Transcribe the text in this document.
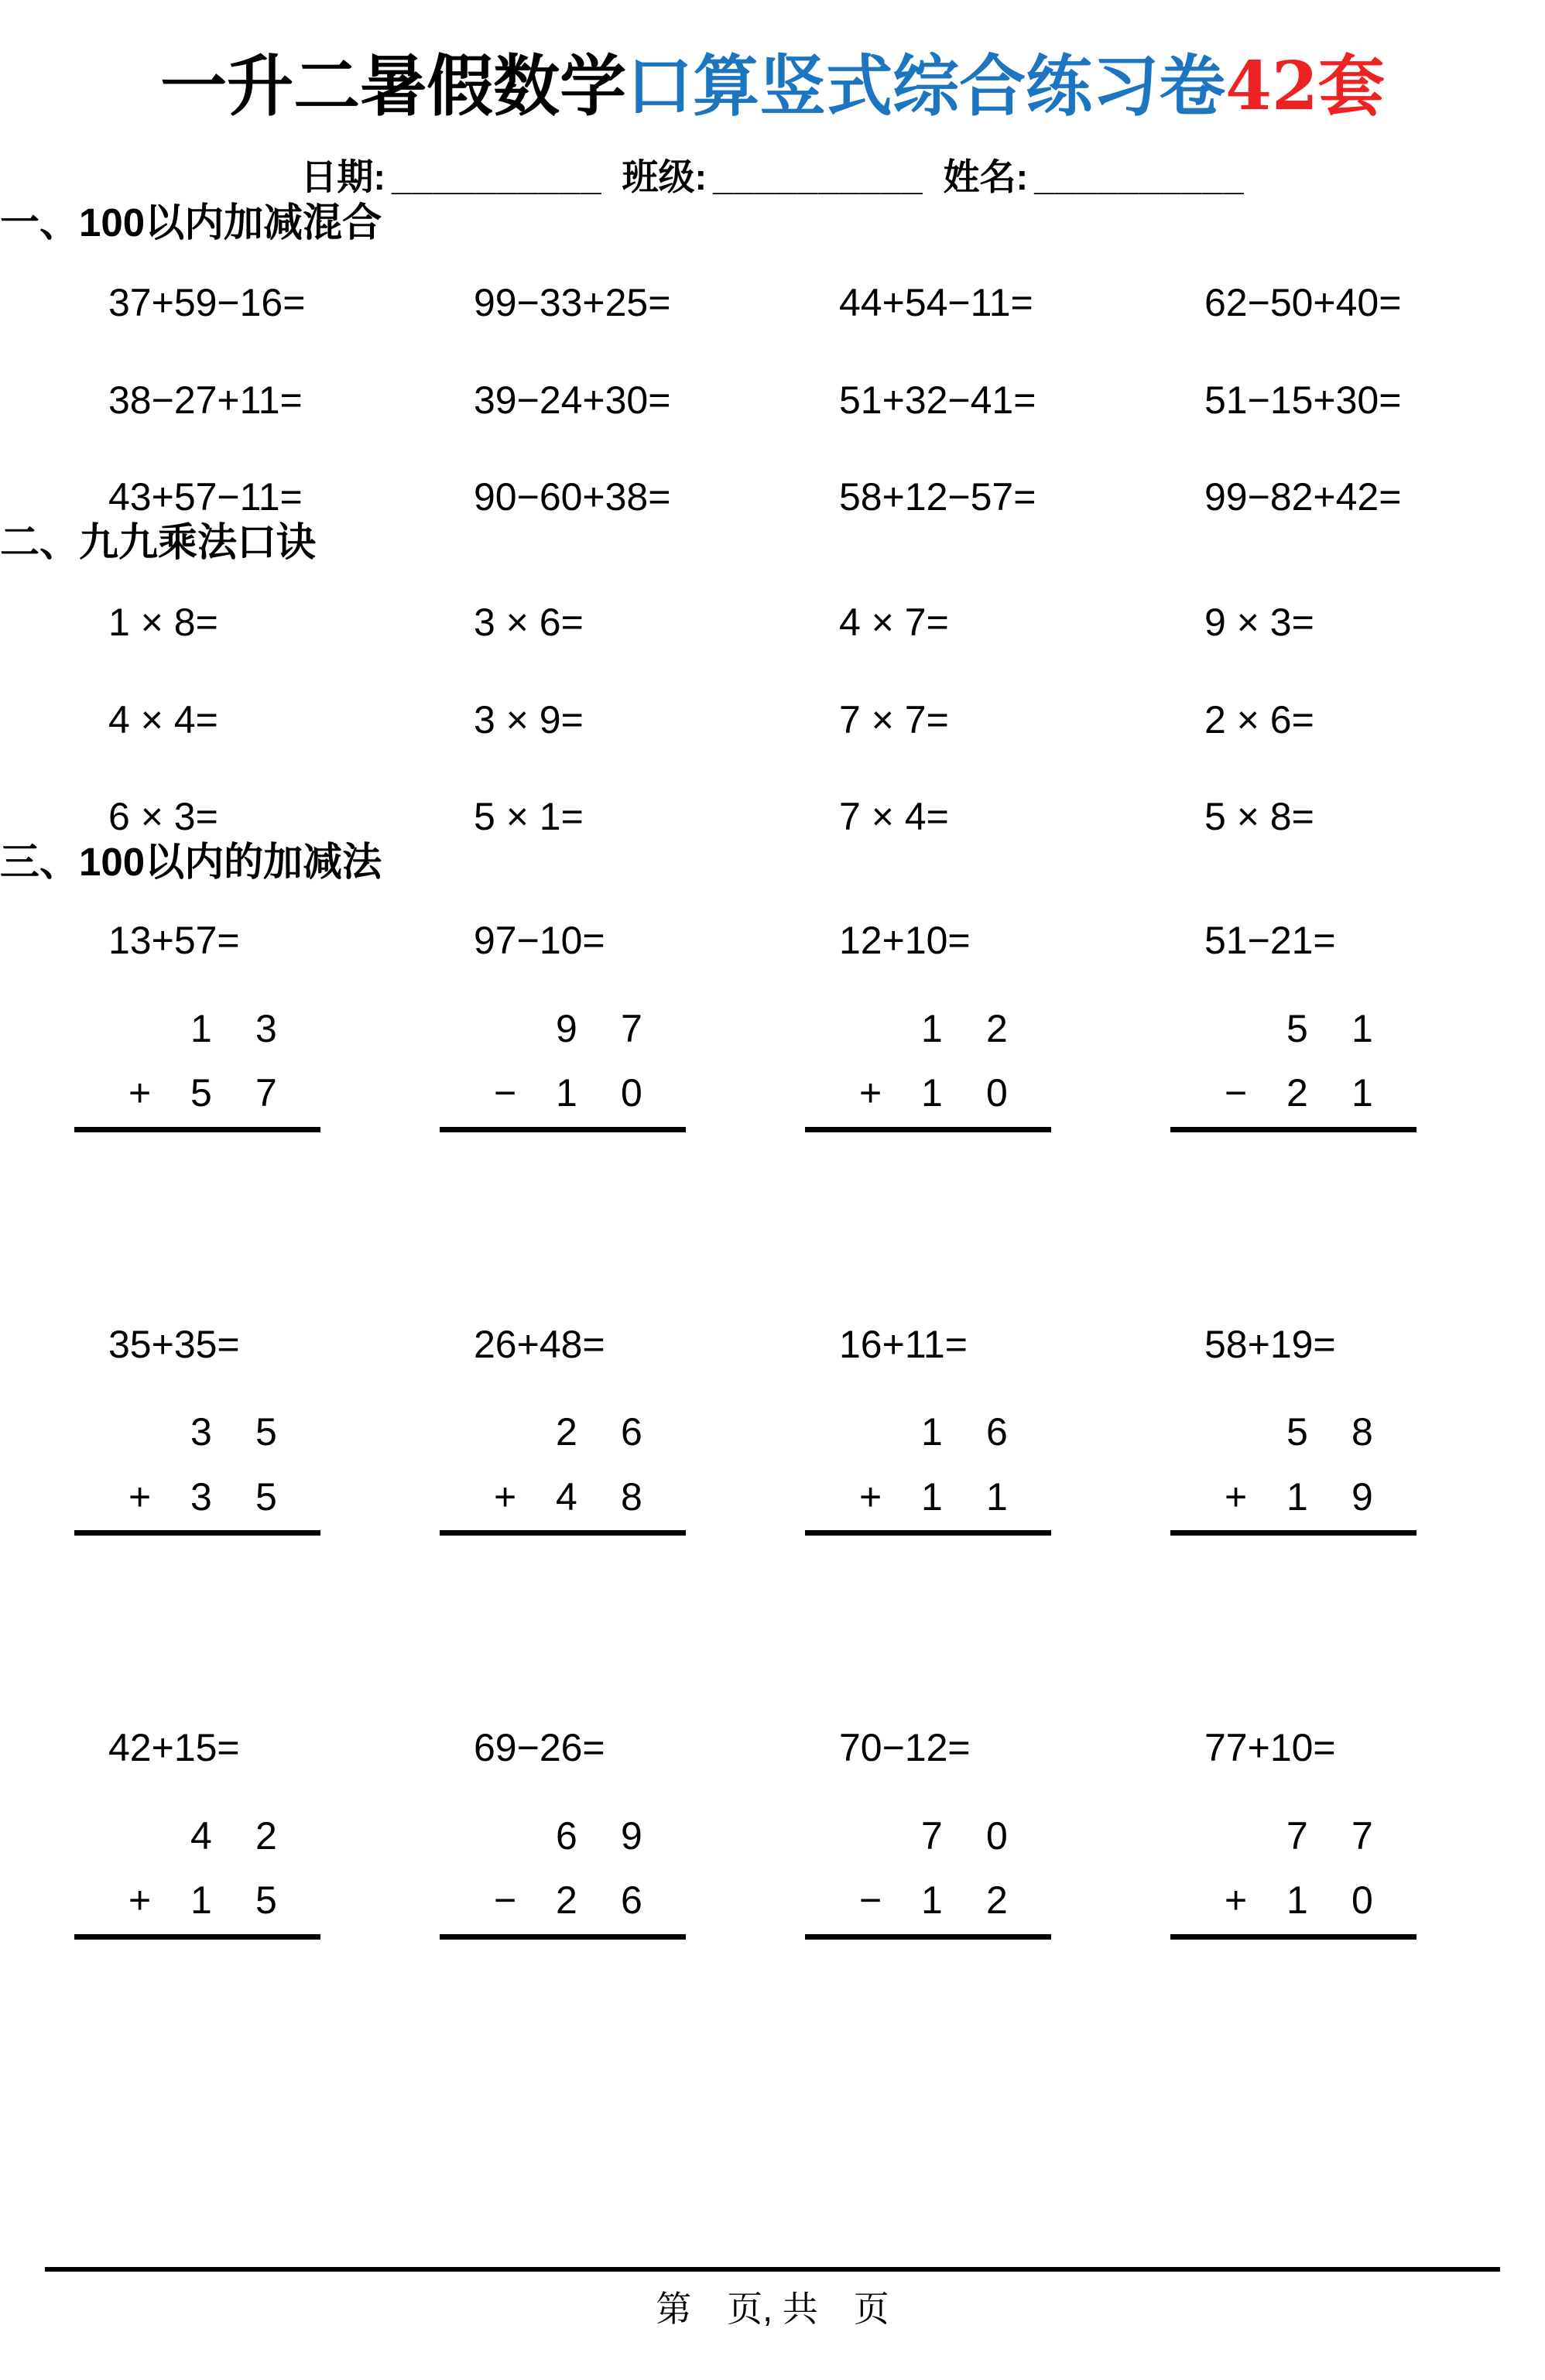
一升二暑假数学口算竖式综合练习卷42套
日期: __________ 班级: __________ 姓名: __________
一、100以内加减混合
37+59−16=	99−33+25=	44+54−11=	62−50+40=
38−27+11=	39−24+30=	51+32−41=	51−15+30=
43+57−11=	90−60+38=	58+12−57=	99−82+42=
二、九九乘法口诀
1 × 8=	3 × 6=	4 × 7=	9 × 3=
4 × 4=	3 × 9=	7 × 7=	2 × 6=
6 × 3=	5 × 1=	7 × 4=	5 × 8=
三、100以内的加减法
13+57=	97−10=	12+10=	51−21=
1	3
+	5	7
9	7
−	1	0
1	2
+	1	0
5	1
−	2	1
35+35=	26+48=	16+11=	58+19=
3	5
+	3	5
2	6
+	4	8
1	6
+	1	1
5	8
+	1	9
42+15=	69−26=	70−12=	77+10=
4	2
+	1	5
6	9
−	2	6
7	0
−	1	2
7	7
+	1	0
第　页, 共　页
